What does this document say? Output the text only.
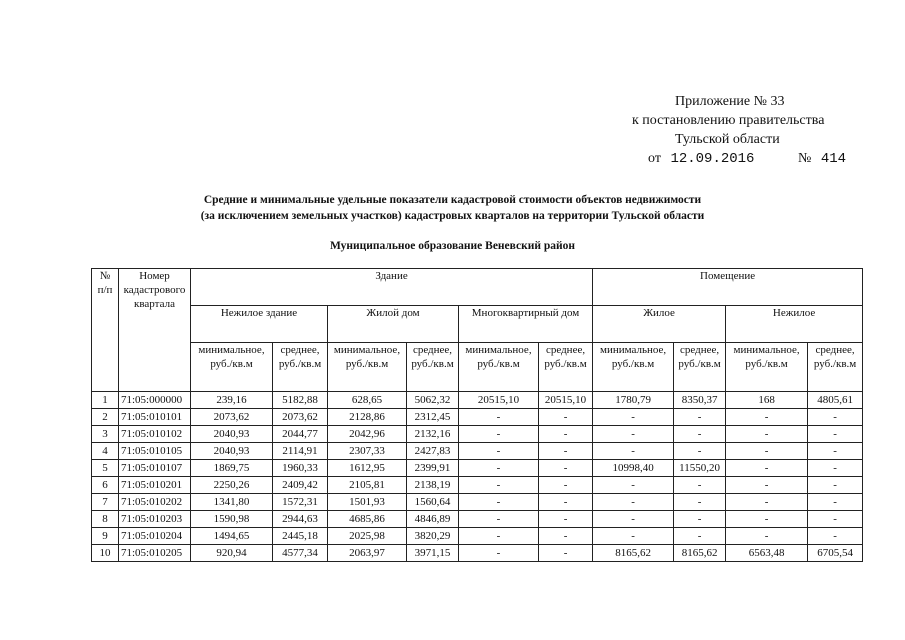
Приложение № 33
к постановлению правительства
Тульской области
от 12.09.2016	№ 414
Средние и минимальные удельные показатели кадастровой стоимости объектов недвижимости
(за исключением земельных участков) кадастровых кварталов на территории Тульской области
Муниципальное образование Веневский район
№ п/п	Номер кадастрового квартала	Здание						Помещение			
		Нежилое здание		Жилой дом		Многоквартирный дом		Жилое		Нежилое	
		минимальное, руб./кв.м	среднее, руб./кв.м	минимальное, руб./кв.м	среднее, руб./кв.м	минимальное, руб./кв.м	среднее, руб./кв.м	минимальное, руб./кв.м	среднее, руб./кв.м	минимальное, руб./кв.м	среднее, руб./кв.м
1	71:05:000000	239,16	5182,88	628,65	5062,32	20515,10	20515,10	1780,79	8350,37	168	4805,61
2	71:05:010101	2073,62	2073,62	2128,86	2312,45	-	-	-	-	-	-
3	71:05:010102	2040,93	2044,77	2042,96	2132,16	-	-	-	-	-	-
4	71:05:010105	2040,93	2114,91	2307,33	2427,83	-	-	-	-	-	-
5	71:05:010107	1869,75	1960,33	1612,95	2399,91	-	-	10998,40	11550,20	-	-
6	71:05:010201	2250,26	2409,42	2105,81	2138,19	-	-	-	-	-	-
7	71:05:010202	1341,80	1572,31	1501,93	1560,64	-	-	-	-	-	-
8	71:05:010203	1590,98	2944,63	4685,86	4846,89	-	-	-	-	-	-
9	71:05:010204	1494,65	2445,18	2025,98	3820,29	-	-	-	-	-	-
10	71:05:010205	920,94	4577,34	2063,97	3971,15	-	-	8165,62	8165,62	6563,48	6705,54
